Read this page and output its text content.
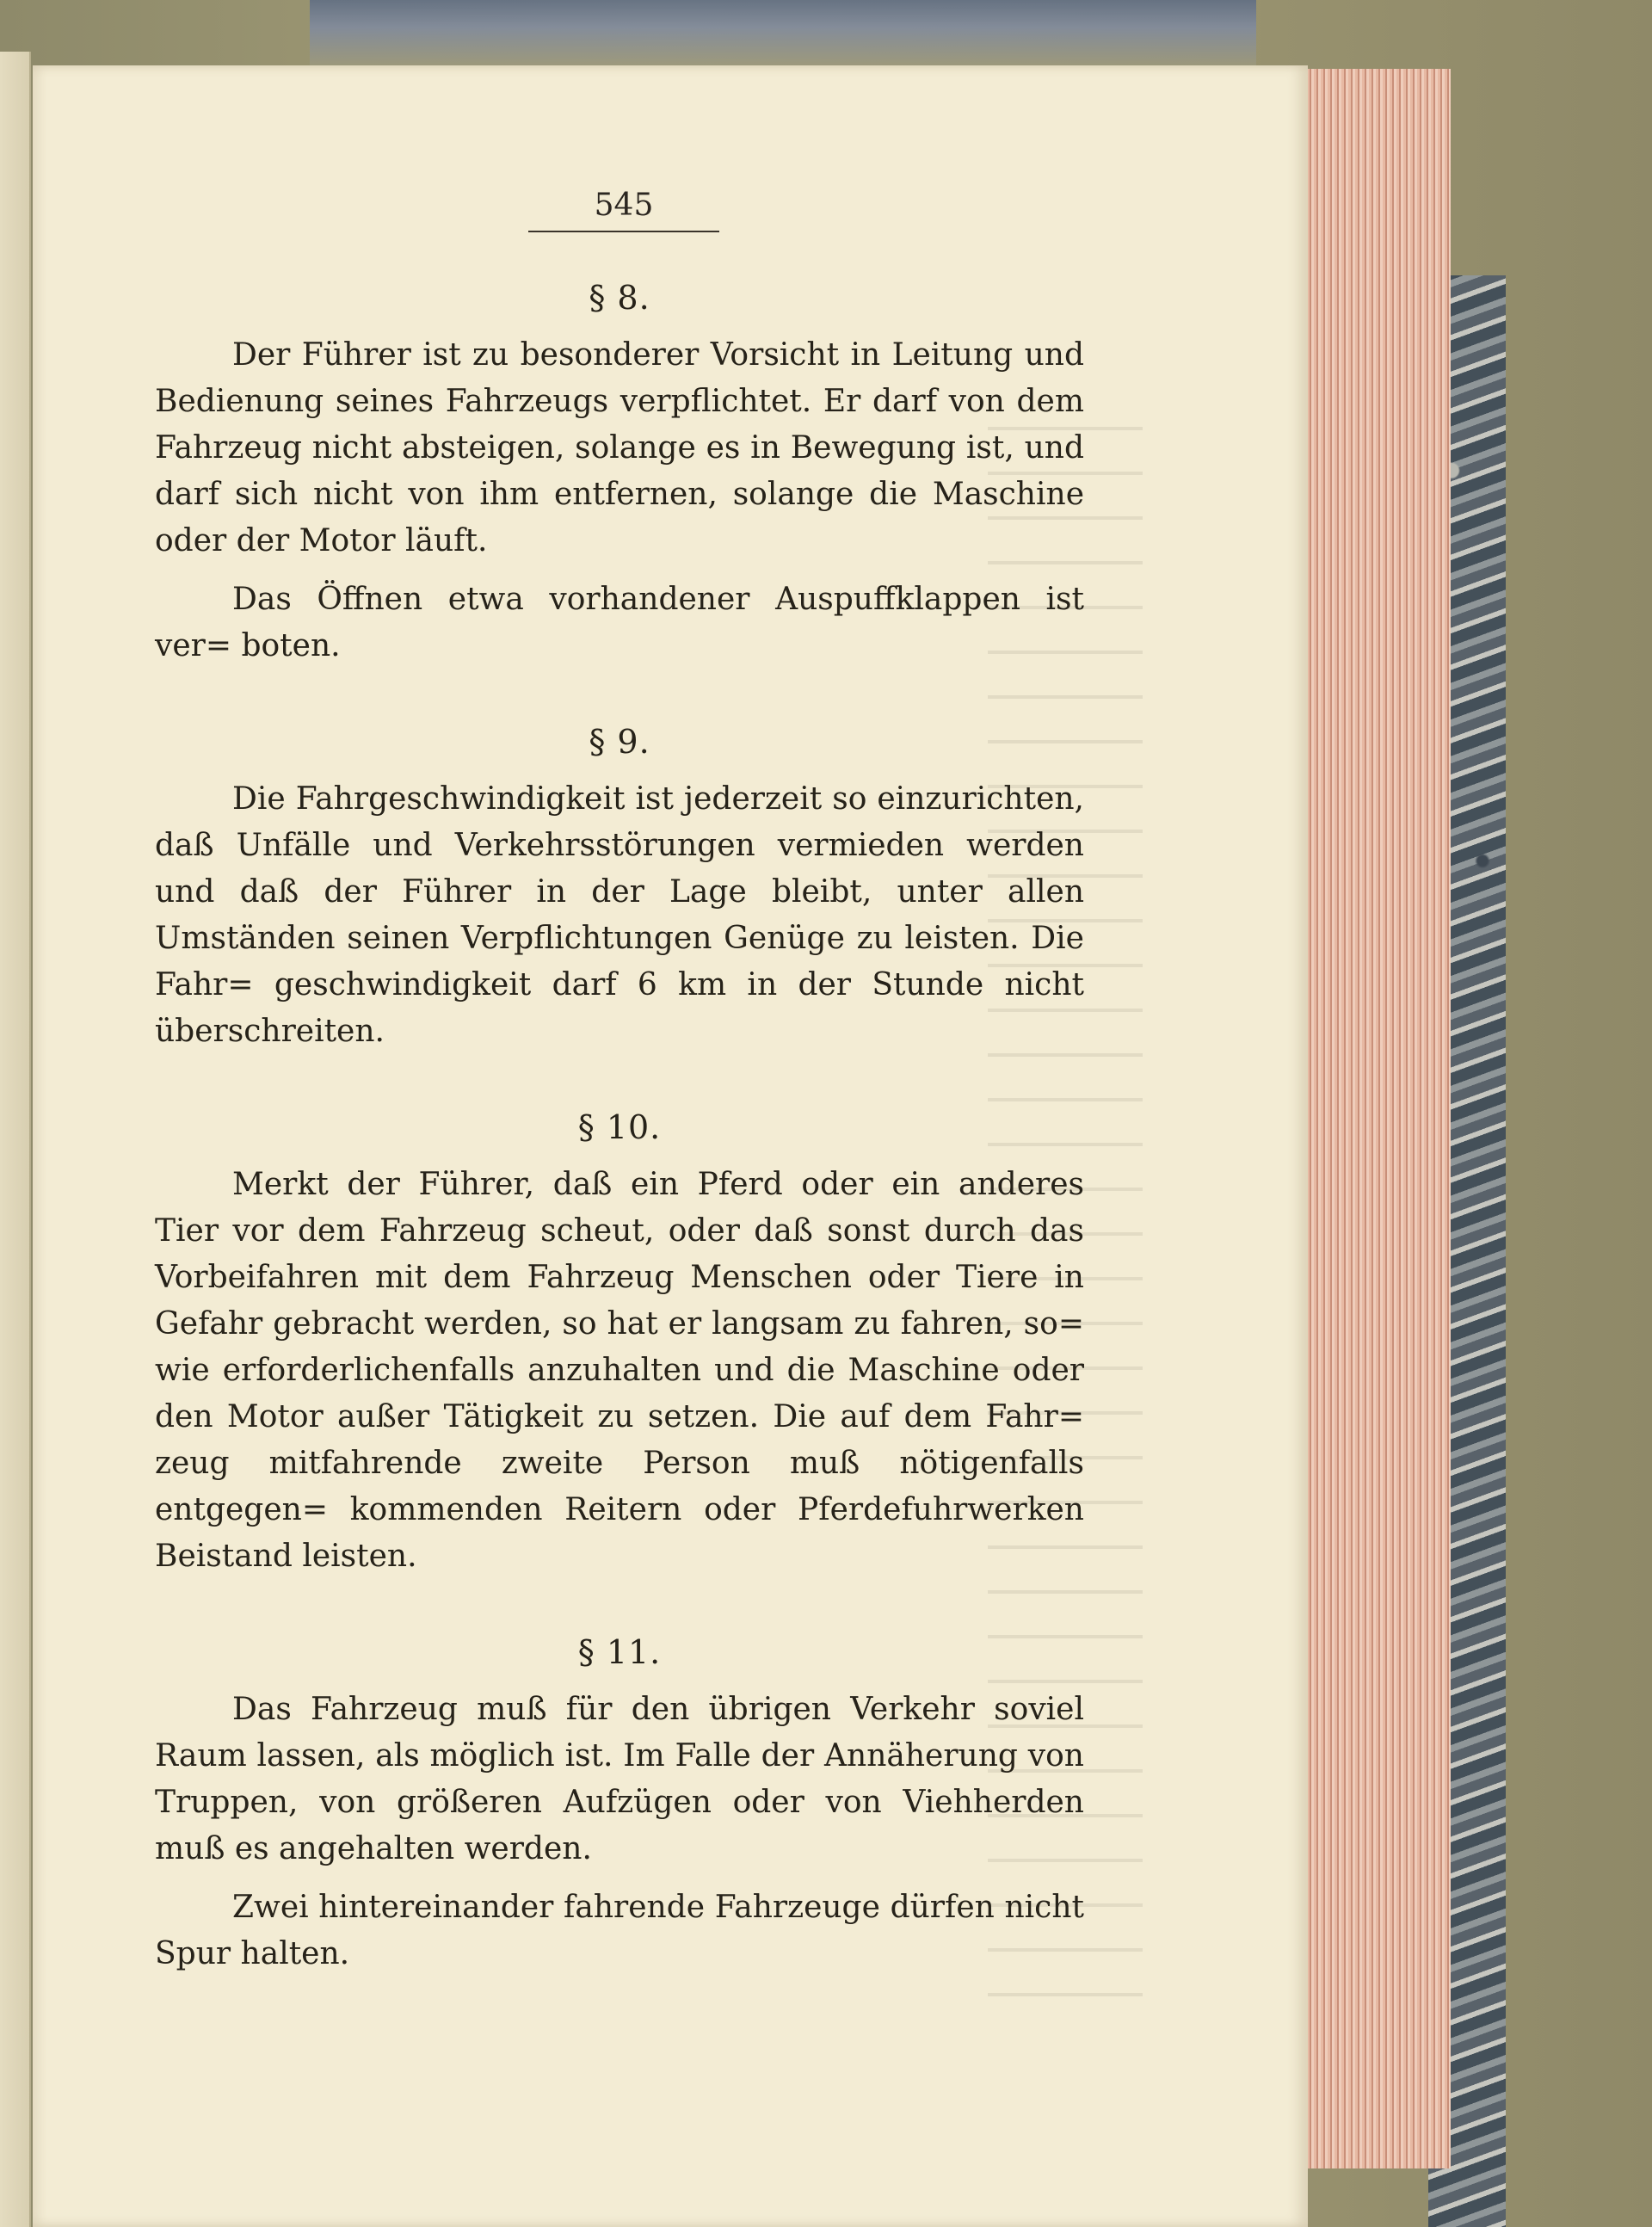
545
§ 8.

Der Führer ist zu besonderer Vorsicht in Leitung und Bedienung seines Fahrzeugs verpflichtet. Er darf von dem Fahrzeug nicht absteigen, solange es in Bewegung ist, und darf sich nicht von ihm entfernen, solange die Maschine oder der Motor läuft.

Das Öffnen etwa vorhandener Auspuffklappen ist ver= boten.

§ 9.

Die Fahrgeschwindigkeit ist jederzeit so einzurichten, daß Unfälle und Verkehrsstörungen vermieden werden und daß der Führer in der Lage bleibt, unter allen Umständen seinen Verpflichtungen Genüge zu leisten. Die Fahr= geschwindigkeit darf 6 km in der Stunde nicht überschreiten.

§ 10.

Merkt der Führer, daß ein Pferd oder ein anderes Tier vor dem Fahrzeug scheut, oder daß sonst durch das Vorbeifahren mit dem Fahrzeug Menschen oder Tiere in Gefahr gebracht werden, so hat er langsam zu fahren, so= wie erforderlichenfalls anzuhalten und die Maschine oder den Motor außer Tätigkeit zu setzen. Die auf dem Fahr= zeug mitfahrende zweite Person muß nötigenfalls entgegen= kommenden Reitern oder Pferdefuhrwerken Beistand leisten.

§ 11.

Das Fahrzeug muß für den übrigen Verkehr soviel Raum lassen, als möglich ist. Im Falle der Annäherung von Truppen, von größeren Aufzügen oder von Viehherden muß es angehalten werden.

Zwei hintereinander fahrende Fahrzeuge dürfen nicht Spur halten.
